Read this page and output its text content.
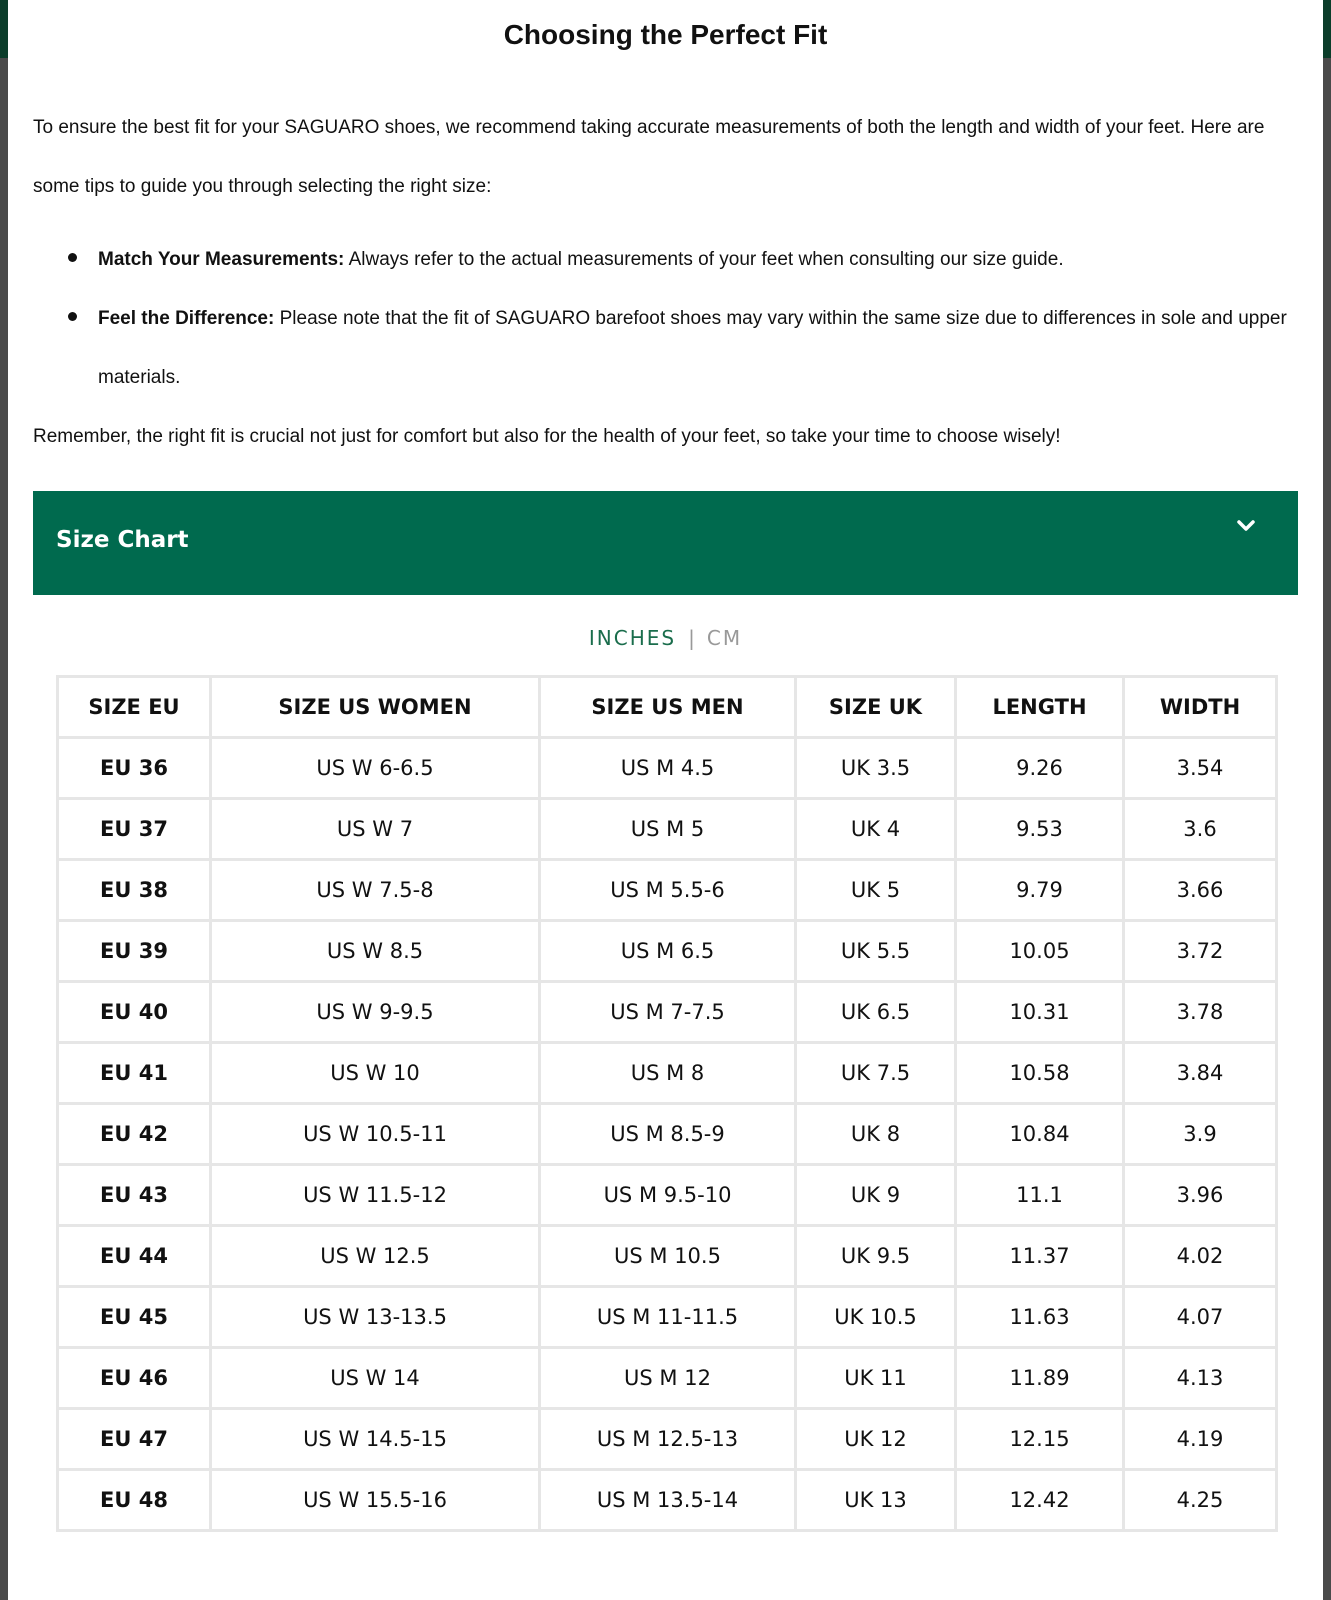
Choosing the Perfect Fit

To ensure the best fit for your SAGUARO shoes, we recommend taking accurate measurements of both the length and width of your feet. Here are some tips to guide you through selecting the right size:

Match Your Measurements: Always refer to the actual measurements of your feet when consulting our size guide.
Feel the Difference: Please note that the fit of SAGUARO barefoot shoes may vary within the same size due to differences in sole and upper materials.

Remember, the right fit is crucial not just for comfort but also for the health of your feet, so take your time to choose wisely!

Size Chart
INCHES | CM
SIZE EU	SIZE US WOMEN	SIZE US MEN	SIZE UK	LENGTH	WIDTH
EU 36	US W 6-6.5	US M 4.5	UK 3.5	9.26	3.54
EU 37	US W 7	US M 5	UK 4	9.53	3.6
EU 38	US W 7.5-8	US M 5.5-6	UK 5	9.79	3.66
EU 39	US W 8.5	US M 6.5	UK 5.5	10.05	3.72
EU 40	US W 9-9.5	US M 7-7.5	UK 6.5	10.31	3.78
EU 41	US W 10	US M 8	UK 7.5	10.58	3.84
EU 42	US W 10.5-11	US M 8.5-9	UK 8	10.84	3.9
EU 43	US W 11.5-12	US M 9.5-10	UK 9	11.1	3.96
EU 44	US W 12.5	US M 10.5	UK 9.5	11.37	4.02
EU 45	US W 13-13.5	US M 11-11.5	UK 10.5	11.63	4.07
EU 46	US W 14	US M 12	UK 11	11.89	4.13
EU 47	US W 14.5-15	US M 12.5-13	UK 12	12.15	4.19
EU 48	US W 15.5-16	US M 13.5-14	UK 13	12.42	4.25
